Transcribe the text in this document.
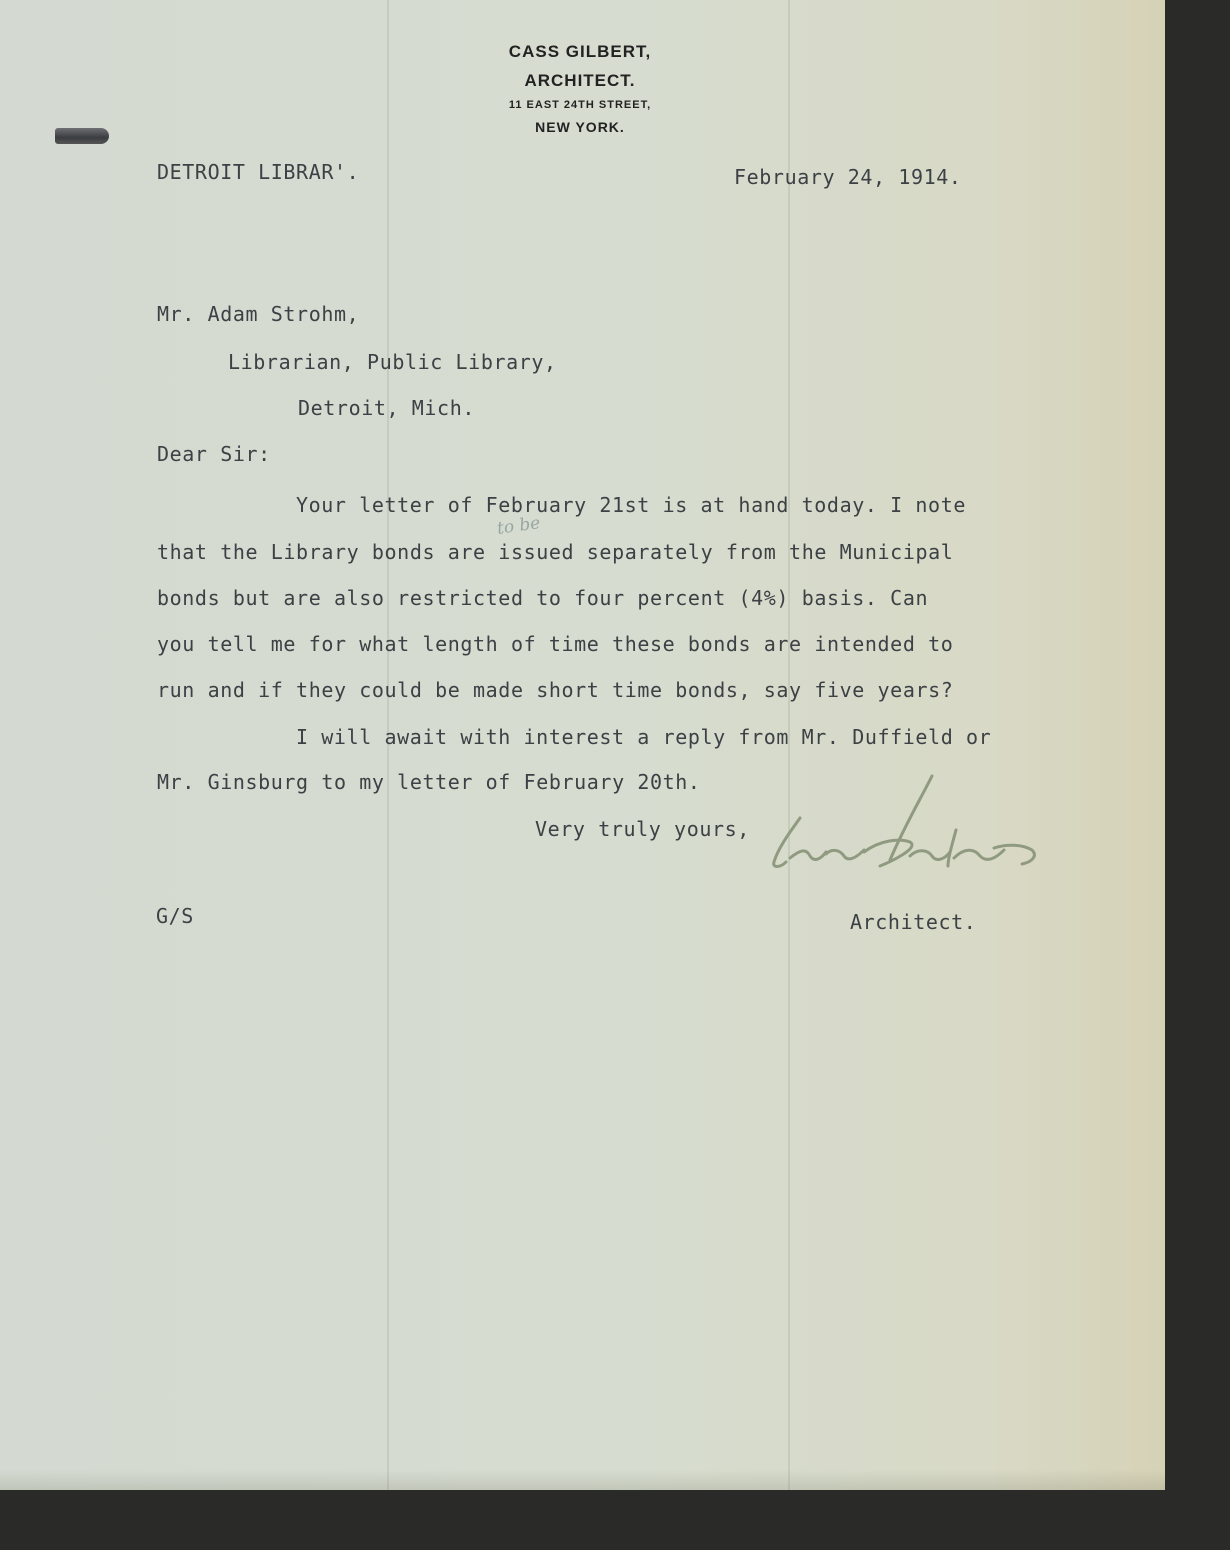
CASS GILBERT,
ARCHITECT.
11 EAST 24TH STREET,
NEW YORK.
DETROIT LIBRAR'.	February 24, 1914.
Mr. Adam Strohm,
Librarian, Public Library,
Detroit, Mich.
Dear Sir:
Your letter of February 21st is at hand today. I note
to be
that the Library bonds are issued separately from the Municipal
bonds but are also restricted to four percent (4%) basis. Can
you tell me for what length of time these bonds are intended to
run and if they could be made short time bonds, say five years?
I will await with interest a reply from Mr. Duffield or
Mr. Ginsburg to my letter of February 20th.
Very truly yours,
G/S	Architect.
